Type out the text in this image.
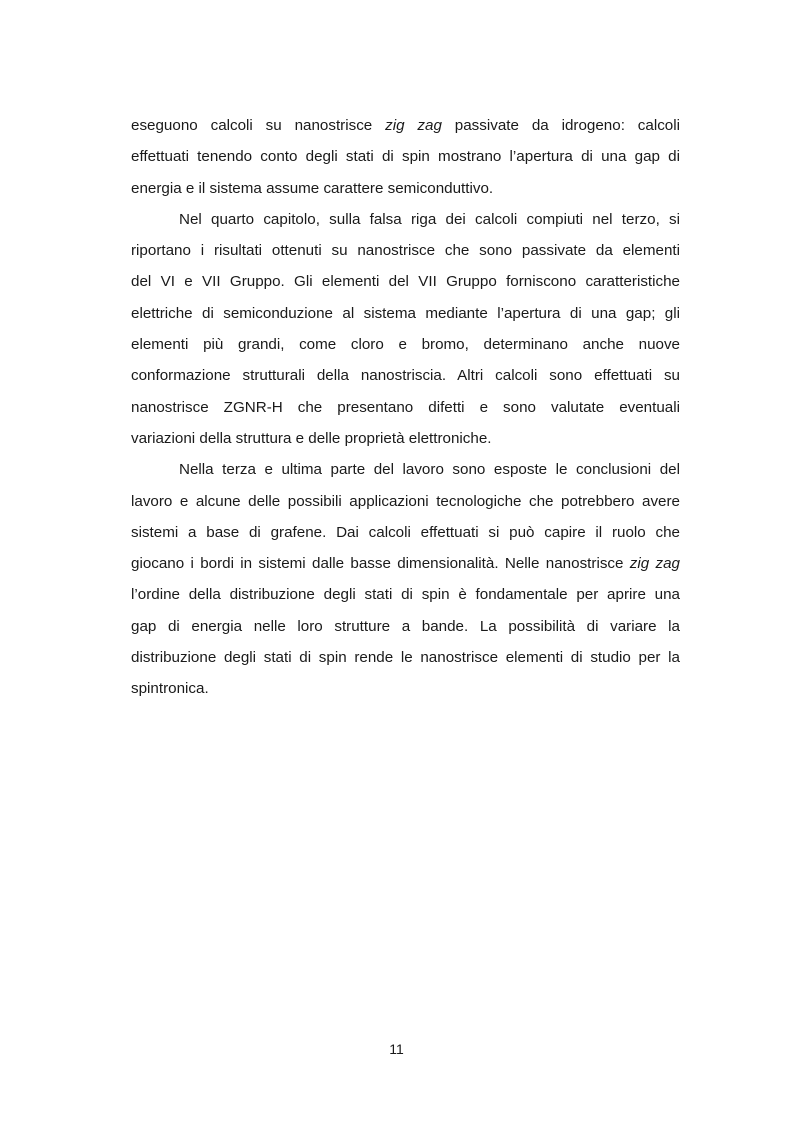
eseguono calcoli su nanostrisce zig zag passivate da idrogeno: calcoli
effettuati tenendo conto degli stati di spin mostrano l’apertura di una gap di
energia e il sistema assume carattere semiconduttivo.
Nel quarto capitolo, sulla falsa riga dei calcoli compiuti nel terzo, si
riportano i risultati ottenuti su nanostrisce che sono passivate da elementi
del VI e VII Gruppo. Gli elementi del VII Gruppo forniscono caratteristiche
elettriche di semiconduzione al sistema mediante l’apertura di una gap; gli
elementi più grandi, come cloro e bromo, determinano anche nuove
conformazione strutturali della nanostriscia. Altri calcoli sono effettuati su
nanostrisce ZGNR-H che presentano difetti e sono valutate eventuali
variazioni della struttura e delle proprietà elettroniche.
Nella terza e ultima parte del lavoro sono esposte le conclusioni del
lavoro e alcune delle possibili applicazioni tecnologiche che potrebbero avere
sistemi a base di grafene. Dai calcoli effettuati si può capire il ruolo che
giocano i bordi in sistemi dalle basse dimensionalità. Nelle nanostrisce zig zag
l’ordine della distribuzione degli stati di spin è fondamentale per aprire una
gap di energia nelle loro strutture a bande. La possibilità di variare la
distribuzione degli stati di spin rende le nanostrisce elementi di studio per la
spintronica.
11
